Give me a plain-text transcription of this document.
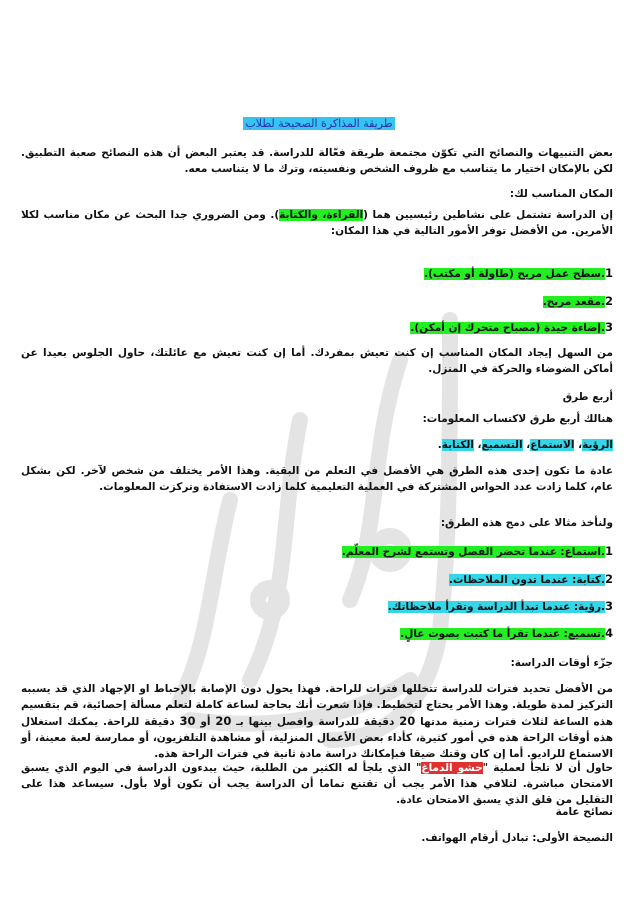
طريقة المذاكرة الصحيحة لطلاب

بعض التنبيهات والنصائح التي تكوّن مجتمعة طريقة فعّالة للدراسة. قد يعتبر البعض أن هذه النصائح صعبة التطبيق. لكن بالإمكان اختيار ما يتناسب مع ظروف الشخص ونفسيته، وترك ما لا يتناسب معه.

المكان المناسب لك:

إن الدراسة تشتمل على نشاطين رئيسيين هما (القراءة، والكتابة). ومن الضروري جدا البحث عن مكان مناسب لكلا الأمرين. من الأفضل توفر الأمور التالية في هذا المكان:

1.سطح عمل مريح (طاولة أو مكتب).

2.مقعد مريح.

3.إضاءة جيدة (مصباح متحرك إن أمكن).

من السهل إيجاد المكان المناسب إن كنت تعيش بمفردك. أما إن كنت تعيش مع عائلتك، حاول الجلوس بعيدا عن أماكن الضوضاء والحركة في المنزل.

أربع طرق

هنالك أربع طرق لاكتساب المعلومات:

الرؤية، الاستماع، التسميع، الكتابة.

عادة ما تكون إحدى هذه الطرق هي الأفضل في التعلم من البقية. وهذا الأمر يختلف من شخص لآخر. لكن بشكل عام، كلما زادت عدد الحواس المشتركة في العملية التعليمية كلما زادت الاستفادة وتركزت المعلومات.

ولنأخذ مثالا على دمج هذه الطرق:

1.استماع: عندما تحضر الفصل وتستمع لشرح المعلّم.

2.كتابة: عندما تدون الملاحظات.

3.رؤية: عندما تبدأ الدراسة وتقرأ ملاحظاتك.

4.تسميع: عندما تقرأ ما كتبت بصوت عالٍ.

جزّء أوقات الدراسة:

من الأفضل تحديد فترات للدراسة تتخللها فترات للراحة. فهذا يحول دون الإصابة بالإحباط او الإجهاد الذي قد يسببه التركيز لمدة طويلة. وهذا الأمر يحتاج لتخطيط. فإذا شعرت أنك بحاجة لساعة كاملة لتعلم مسألة إحصائية، قم بتقسيم هذه الساعة لثلاث فترات زمنية مدتها 20 دقيقة للدراسة وافصل بينها بـ 20 أو 30 دقيقة للراحة. يمكنك استغلال هذه أوقات الراحة هذه في أمور كثيرة، كأداء بعض الأعمال المنزلية، أو مشاهدة التلفزيون، أو ممارسة لعبة معينة، أو الاستماع للراديو. أما إن كان وقتك ضيقا فبإمكانك دراسة مادة ثانية في فترات الراحة هذه.

حاول أن لا تلجأ لعملية "حشو الدماغ" الذي يلجأ له الكثير من الطلبة، حيث يبدءون الدراسة في اليوم الذي يسبق الامتحان مباشرة. لتلافي هذا الأمر يجب أن تقتنع تماما أن الدراسة يجب أن تكون أولا بأول. سيساعد هذا على التقليل من قلق الذي يسبق الامتحان عادة.

نصائح عامة

النصيحة الأولى: تبادل أرقام الهواتف.
